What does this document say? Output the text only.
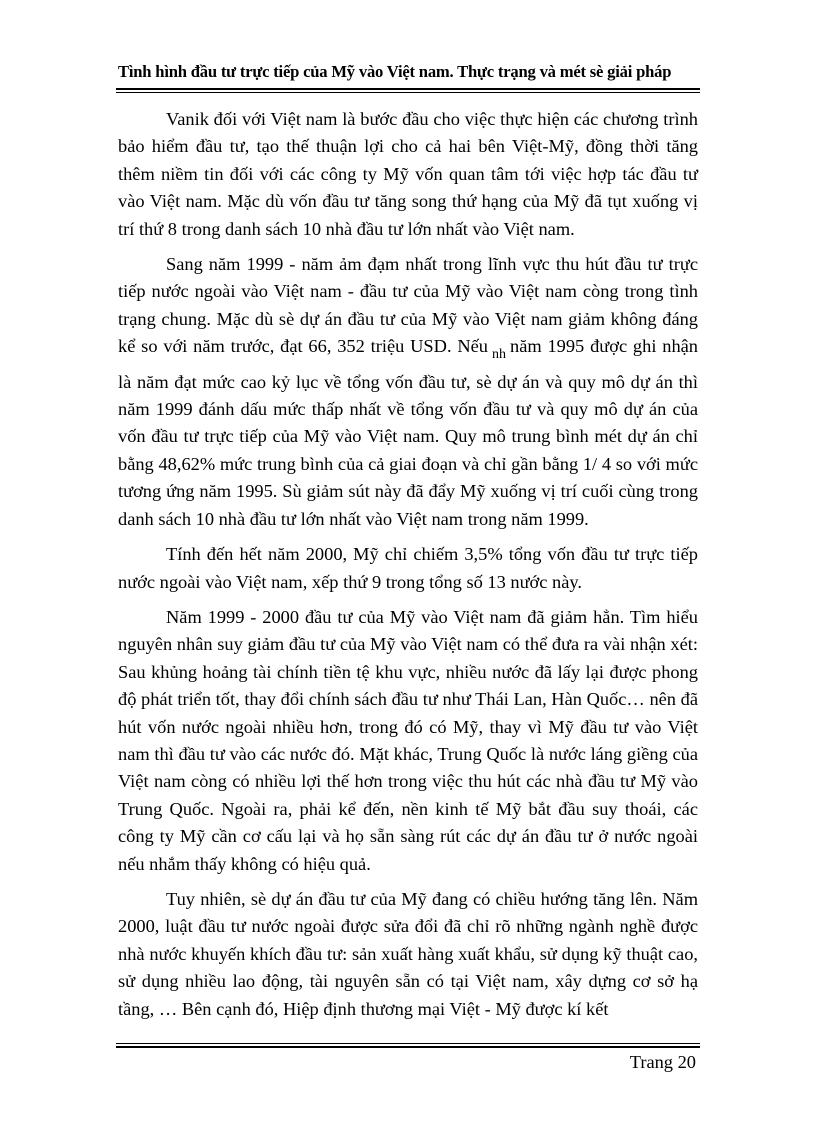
Tình hình đầu tư trực tiếp của Mỹ vào Việt nam. Thực trạng và mét sè giải pháp

Vanik đối với Việt nam là bước đầu cho việc thực hiện các chương trình bảo hiểm đầu tư, tạo thế thuận lợi cho cả hai bên Việt-Mỹ, đồng thời tăng thêm niềm tin đối với các công ty Mỹ vốn quan tâm tới việc hợp tác đầu tư vào Việt nam. Mặc dù vốn đầu tư tăng song thứ hạng của Mỹ đã tụt xuống vị trí thứ 8 trong danh sách 10 nhà đầu tư lớn nhất vào Việt nam.

Sang năm 1999 - năm ảm đạm nhất trong lĩnh vực thu hút đầu tư trực tiếp nước ngoài vào Việt nam - đầu tư của Mỹ vào Việt nam còng trong tình trạng chung. Mặc dù sè dự án đầu tư của Mỹ vào Việt nam giảm không đáng kể so với năm trước, đạt 66, 352 triệu USD. Nếu $_{nh}$ năm 1995 được ghi nhận là năm đạt mức cao kỷ lục về tổng vốn đầu tư, sè dự án và quy mô dự án thì năm 1999 đánh dấu mức thấp nhất về tổng vốn đầu tư và quy mô dự án của vốn đầu tư trực tiếp của Mỹ vào Việt nam. Quy mô trung bình mét dự án chỉ bằng 48,62% mức trung bình của cả giai đoạn và chỉ gần bằng 1/ 4 so với mức tương ứng năm 1995. Sù giảm sút này đã đẩy Mỹ xuống vị trí cuối cùng trong danh sách 10 nhà đầu tư lớn nhất vào Việt nam trong năm 1999.

Tính đến hết năm 2000, Mỹ chỉ chiếm 3,5% tổng vốn đầu tư trực tiếp nước ngoài vào Việt nam, xếp thứ 9 trong tổng số 13 nước này.

Năm 1999 - 2000 đầu tư của Mỹ vào Việt nam đã giảm hẳn. Tìm hiểu nguyên nhân suy giảm đầu tư của Mỹ vào Việt nam có thể đưa ra vài nhận xét: Sau khủng hoảng tài chính tiền tệ khu vực, nhiều nước đã lấy lại được phong độ phát triển tốt, thay đổi chính sách đầu tư như Thái Lan, Hàn Quốc… nên đã hút vốn nước ngoài nhiều hơn, trong đó có Mỹ, thay vì Mỹ đầu tư vào Việt nam thì đầu tư vào các nước đó. Mặt khác, Trung Quốc là nước láng giềng của Việt nam còng có nhiều lợi thế hơn trong việc thu hút các nhà đầu tư Mỹ vào Trung Quốc. Ngoài ra, phải kể đến, nền kinh tế Mỹ bắt đầu suy thoái, các công ty Mỹ cần cơ cấu lại và họ sẵn sàng rút các dự án đầu tư ở nước ngoài nếu nhắm thấy không có hiệu quả.

Tuy nhiên, sè dự án đầu tư của Mỹ đang có chiều hướng tăng lên. Năm 2000, luật đầu tư nước ngoài được sửa đổi đã chỉ rõ những ngành nghề được nhà nước khuyến khích đầu tư: sản xuất hàng xuất khẩu, sử dụng kỹ thuật cao, sử dụng nhiều lao động, tài nguyên sẵn có tại Việt nam, xây dựng cơ sở hạ tầng, … Bên cạnh đó, Hiệp định thương mại Việt - Mỹ được kí kết

Trang 20
